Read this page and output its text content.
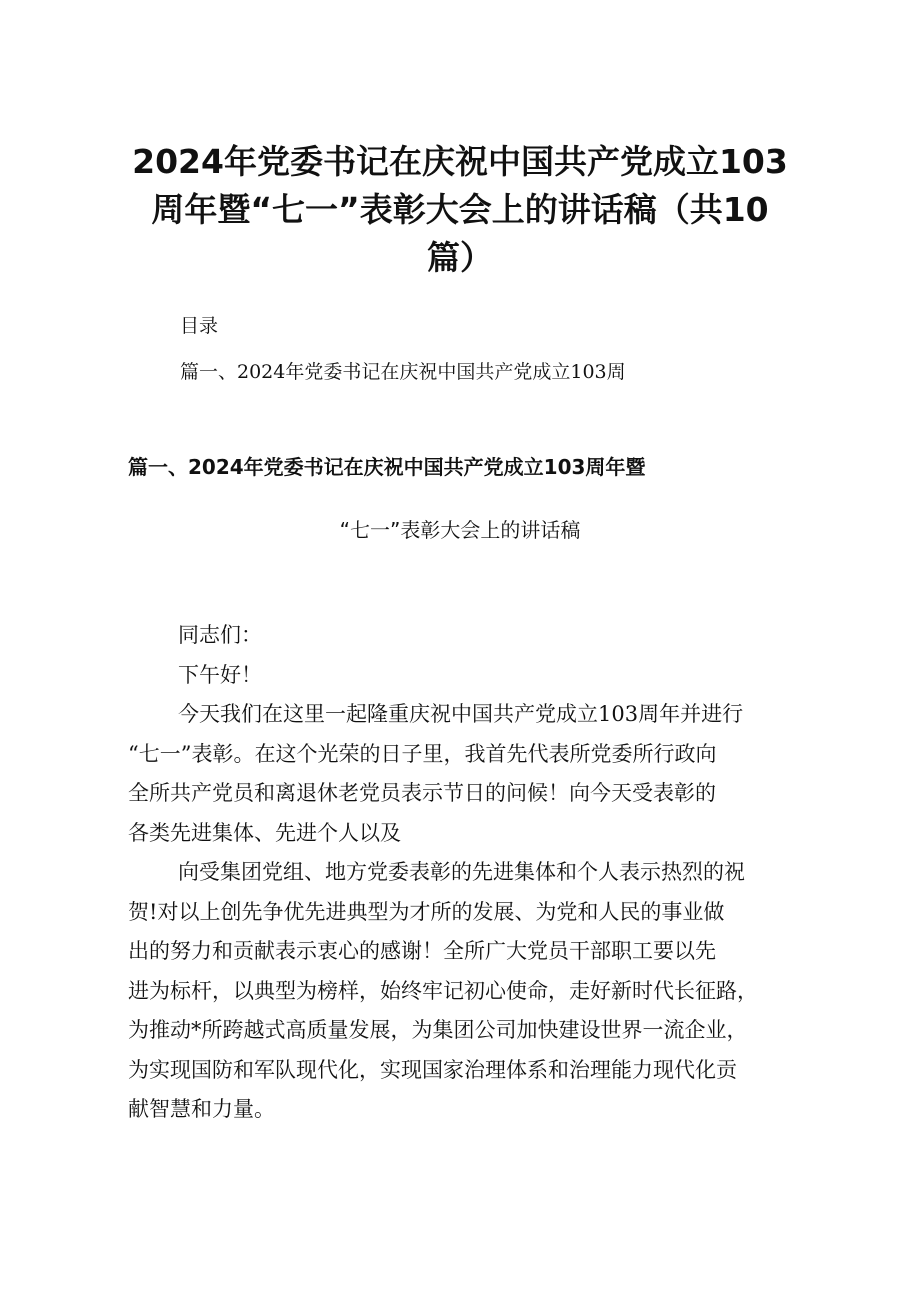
2024年党委书记在庆祝中国共产党成立103
周年暨“七一”表彰大会上的讲话稿（共10
篇）
目录
篇一、2024年党委书记在庆祝中国共产党成立103周
篇一、2024年党委书记在庆祝中国共产党成立103周年暨
“七一”表彰大会上的讲话稿
同志们：
下午好！
今天我们在这里一起隆重庆祝中国共产党成立103周年并进行
“七一”表彰。在这个光荣的日子里，我首先代表所党委所行政向
全所共产党员和离退休老党员表示节日的问候！向今天受表彰的
各类先进集体、先进个人以及
向受集团党组、地方党委表彰的先进集体和个人表示热烈的祝
贺!对以上创先争优先进典型为才所的发展、为党和人民的事业做
出的努力和贡献表示衷心的感谢！全所广大党员干部职工要以先
进为标杆，以典型为榜样，始终牢记初心使命，走好新时代长征路，
为推动*所跨越式高质量发展，为集团公司加快建设世界一流企业，
为实现国防和军队现代化，实现国家治理体系和治理能力现代化贡
献智慧和力量。
